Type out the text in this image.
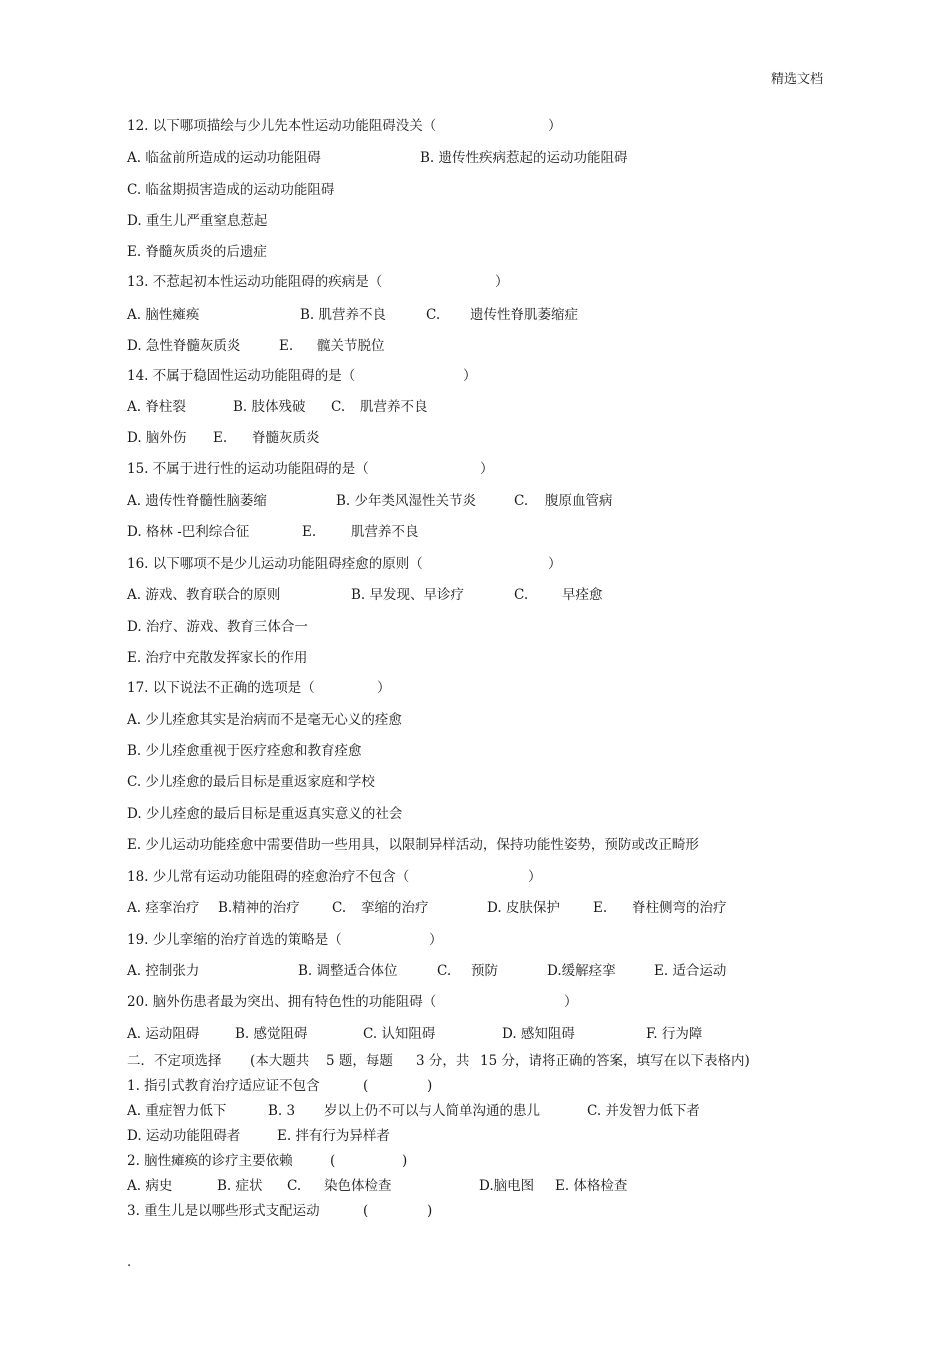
精选文档
12. 以下哪项描绘与少儿先本性运动功能阻碍没关（	）
A. 临盆前所造成的运动功能阻碍	B. 遗传性疾病惹起的运动功能阻碍
C. 临盆期损害造成的运动功能阻碍
D. 重生儿严重窒息惹起
E. 脊髓灰质炎的后遗症
13. 不惹起初本性运动功能阻碍的疾病是（	）
A. 脑性瘫痪	B. 肌营养不良	C. 遗传性脊肌萎缩症
D. 急性脊髓灰质炎	E. 髋关节脱位
14. 不属于稳固性运动功能阻碍的是（	）
A. 脊柱裂	B. 肢体残破 C. 肌营养不良
D. 脑外伤 E. 脊髓灰质炎
15. 不属于进行性的运动功能阻碍的是（	）
A. 遗传性脊髓性脑萎缩	B. 少年类风湿性关节炎	C. 腹原血管病
D. 格林 -巴利综合征	E.	肌营养不良
16. 以下哪项不是少儿运动功能阻碍痊愈的原则（	）
A. 游戏、教育联合的原则	B. 早发现、早诊疗	C.	早痊愈
D. 治疗、游戏、教育三体合一
E. 治疗中充散发挥家长的作用
17. 以下说法不正确的选项是（	）
A. 少儿痊愈其实是治病而不是毫无心义的痊愈
B. 少儿痊愈重视于医疗痊愈和教育痊愈
C. 少儿痊愈的最后目标是重返家庭和学校
D. 少儿痊愈的最后目标是重返真实意义的社会
E. 少儿运动功能痊愈中需要借助一些用具，以限制异样活动，保持功能性姿势，预防或改正畸形
18. 少儿常有运动功能阻碍的痊愈治疗不包含（	）
A. 痉挛治疗 B.精神的治疗 C. 挛缩的治疗	D. 皮肤保护 E. 脊柱侧弯的治疗
19. 少儿挛缩的治疗首选的策略是（	）
A. 控制张力	B. 调整适合体位	C. 预防	D.缓解痉挛	E. 适合运动
20. 脑外伤患者最为突出、拥有特色性的功能阻碍（	）
A. 运动阻碍	B. 感觉阻碍	C. 认知阻碍	D. 感知阻碍	F. 行为障
二．不定项选择 (本大题共 5 题，每题 3 分，共 15 分，请将正确的答案，填写在以下表格内)
1. 指引式教育治疗适应证不包含	(	)
A. 重症智力低下	B. 3 岁以上仍不可以与人简单沟通的患儿	C. 并发智力低下者
D. 运动功能阻碍者	E. 拌有行为异样者
2. 脑性瘫痪的诊疗主要依赖	(	)
A. 病史	B. 症状 C. 染色体检查	D.脑电图 E. 体格检查
3. 重生儿是以哪些形式支配运动	(	)
.
